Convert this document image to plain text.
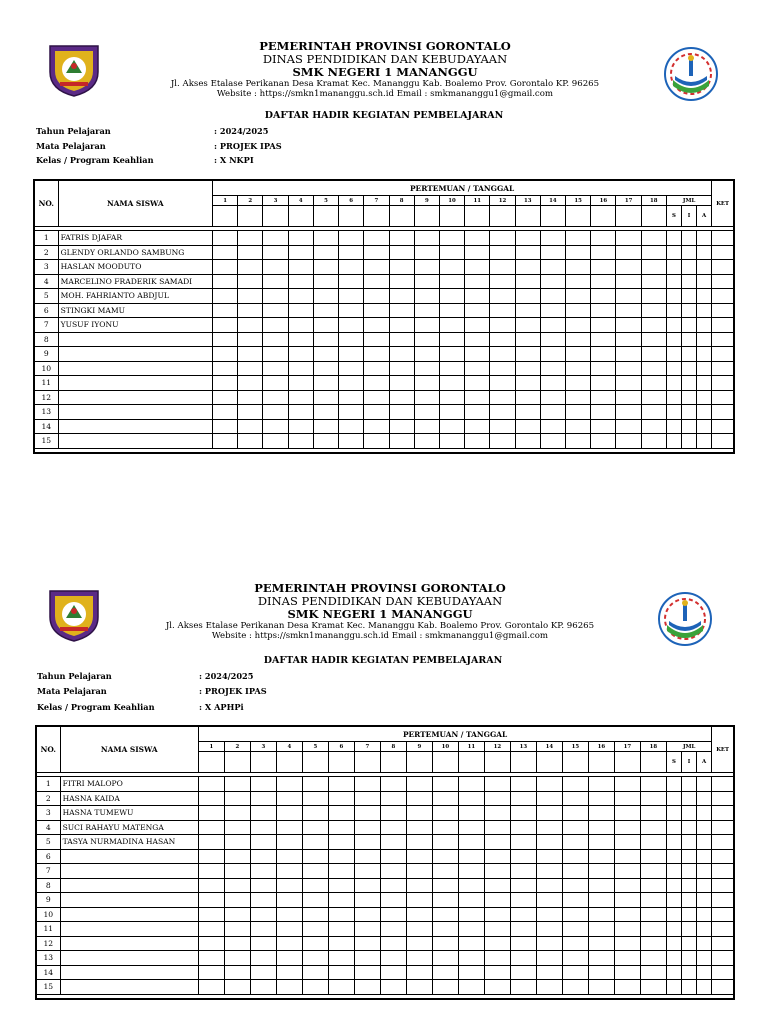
PEMERINTAH PROVINSI GORONTALO
DINAS PENDIDIKAN DAN KEBUDAYAAN
SMK NEGERI 1 MANANGGU
Jl. Akses Etalase Perikanan Desa Kramat Kec. Mananggu Kab. Boalemo Prov. Gorontalo KP. 96265
Website : https://smkn1mananggu.sch.id Email : smkmananggu1@gmail.com
DAFTAR HADIR KEGIATAN PEMBELAJARAN
Tahun Pelajaran	: 2024/2025
Mata Pelajaran	: PROJEK IPAS
Kelas / Program Keahlian	: X NKPI
NO.	NAMA SISWA	PERTEMUAN / TANGGAL																					KET
		1	2	3	4	5	6	7	8	9	10	11	12	13	14	15	16	17	18	JML			
																				S	I	A	

1	FATRIS DJAFAR																						
2	GLENDY ORLANDO SAMBUNG																						
3	HASLAN MOODUTO																						
4	MARCELINO FRADERIK SAMADI																						
5	MOH. FAHRIANTO ABDJUL																						
6	STINGKI MAMU																						
7	YUSUF IYONU																						
8																							
9																							
10																							
11																							
12																							
13																							
14																							
15																							

PEMERINTAH PROVINSI GORONTALO
DINAS PENDIDIKAN DAN KEBUDAYAAN
SMK NEGERI 1 MANANGGU
Jl. Akses Etalase Perikanan Desa Kramat Kec. Mananggu Kab. Boalemo Prov. Gorontalo KP. 96265
Website : https://smkn1mananggu.sch.id Email : smkmananggu1@gmail.com
DAFTAR HADIR KEGIATAN PEMBELAJARAN
Tahun Pelajaran	: 2024/2025
Mata Pelajaran	: PROJEK IPAS
Kelas / Program Keahlian	: X APHPi
NO.	NAMA SISWA	PERTEMUAN / TANGGAL																					KET
		1	2	3	4	5	6	7	8	9	10	11	12	13	14	15	16	17	18	JML			
																				S	I	A	

1	FITRI MALOPO																						
2	HASNA KAIDA																						
3	HASNA TUMEWU																						
4	SUCI RAHAYU MATENGA																						
5	TASYA NURMADINA HASAN																						
6																							
7																							
8																							
9																							
10																							
11																							
12																							
13																							
14																							
15																							
